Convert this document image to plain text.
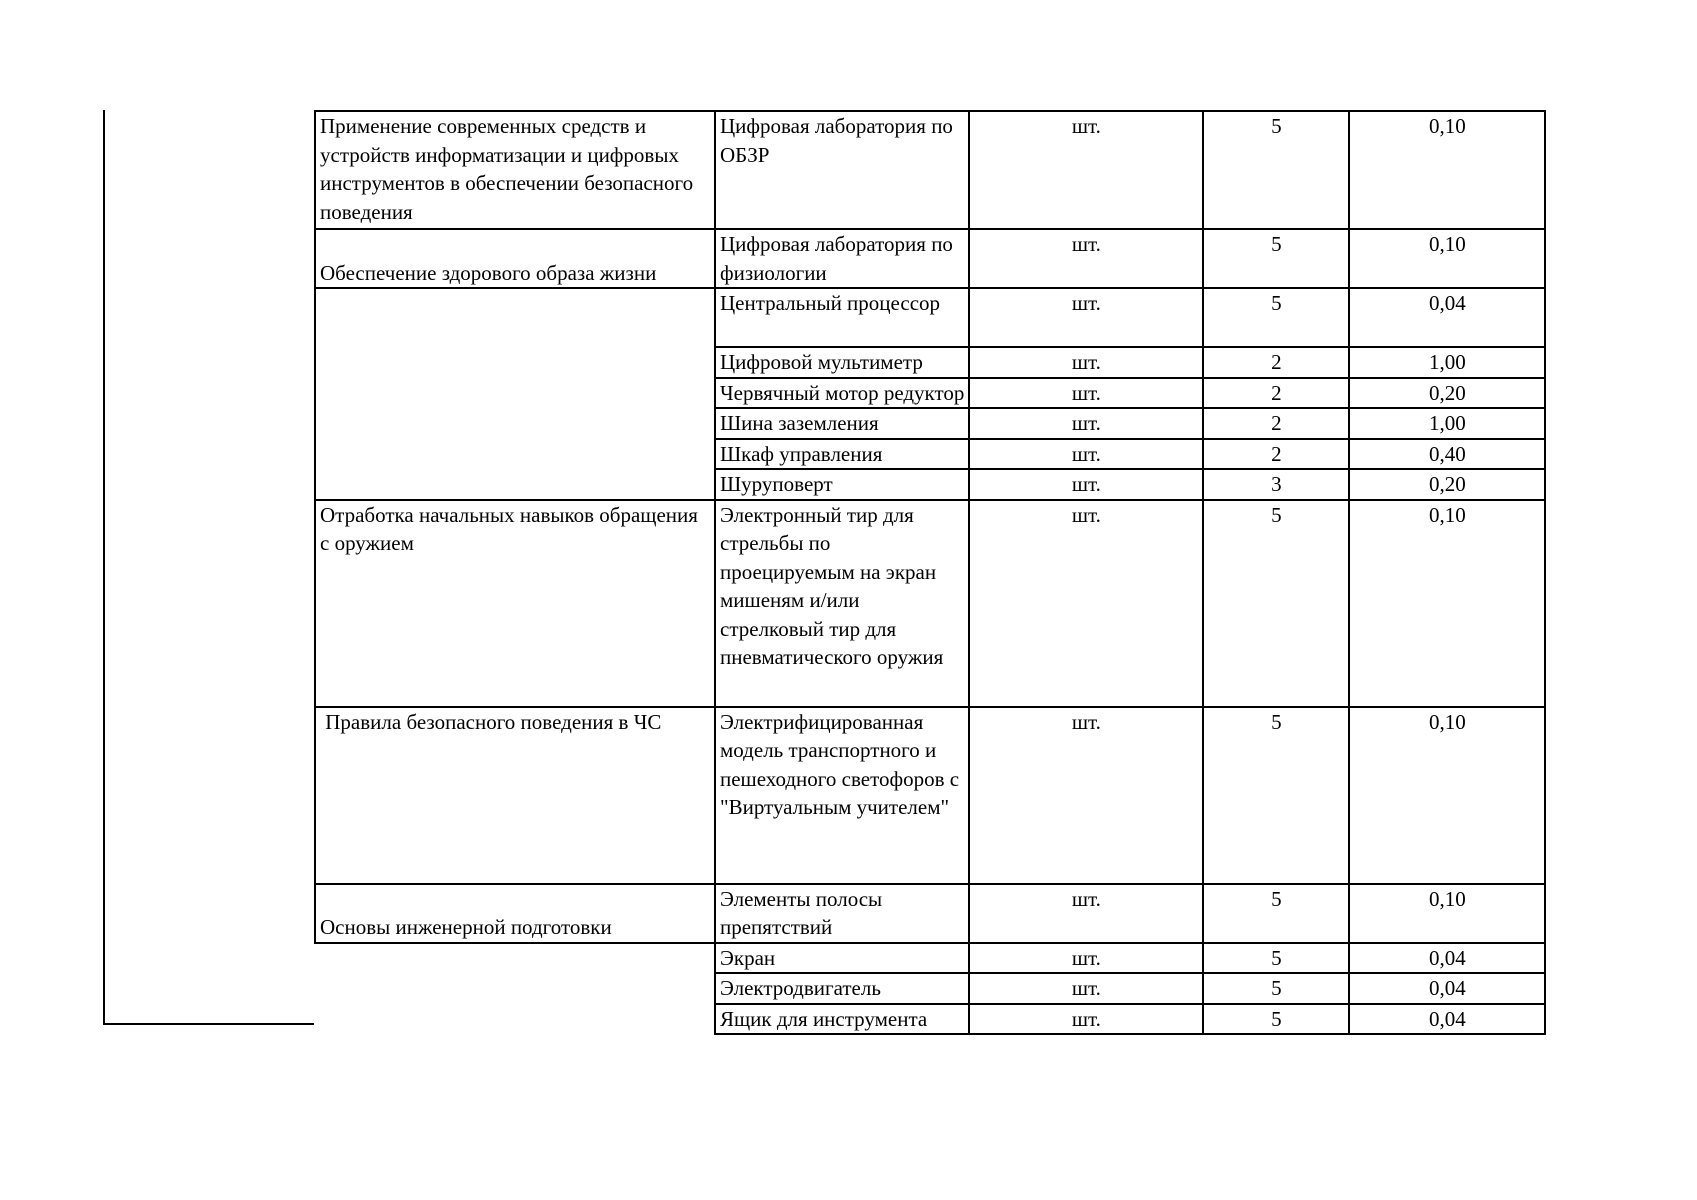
Применение современных средств и устройств информатизации и цифровых инструментов в обеспечении безопасного поведения	Цифровая лаборатория по ОБЗР	шт.	5	0,10
Обеспечение здорового образа жизни	Цифровая лаборатория по физиологии	шт.	5	0,10
	Центральный процессор	шт.	5	0,04
	Цифровой мультиметр	шт.	2	1,00
	Червячный мотор редуктор	шт.	2	0,20
	Шина заземления	шт.	2	1,00
	Шкаф управления	шт.	2	0,40
	Шуруповерт	шт.	3	0,20
Отработка начальных навыков обращения с оружием	Электронный тир для стрельбы по проецируемым на экран мишеням и/или стрелковый тир для пневматического оружия	шт.	5	0,10
Правила безопасного поведения в ЧС	Электрифицированная модель транспортного и пешеходного светофоров с "Виртуальным учителем"	шт.	5	0,10
Основы инженерной подготовки	Элементы полосы препятствий	шт.	5	0,10
	Экран	шт.	5	0,04
	Электродвигатель	шт.	5	0,04
	Ящик для инструмента	шт.	5	0,04
